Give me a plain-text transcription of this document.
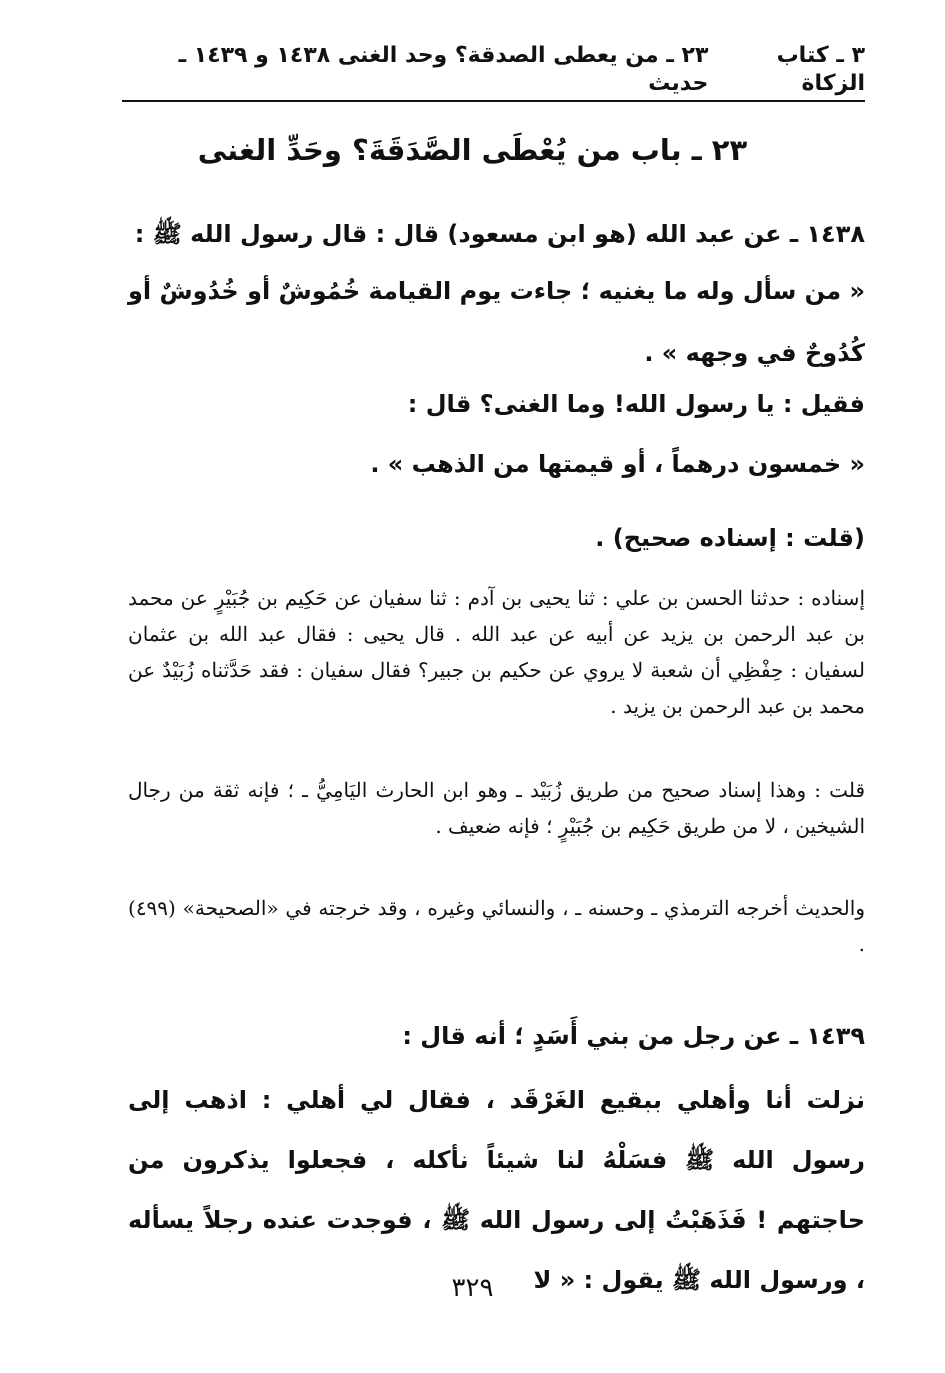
٣ ـ كتاب الزكاة
٢٣ ـ من يعطى الصدقة؟ وحد الغنى ١٤٣٨ و ١٤٣٩ ـ حديث
٢٣ ـ باب من يُعْطَى الصَّدَقَةَ؟ وحَدِّ الغنى
١٤٣٨ ـ عن عبد الله (هو ابن مسعود) قال : قال رسول الله ﷺ :
« من سأل وله ما يغنيه ؛ جاءت يوم القيامة خُمُوشٌ أو خُدُوشٌ أو كُدُوحٌ في وجهه » .
فقيل : يا رسول الله! وما الغنى؟ قال :
« خمسون درهماً ، أو قيمتها من الذهب » .
(قلت : إسناده صحيح) .
إسناده : حدثنا الحسن بن علي : ثنا يحيى بن آدم : ثنا سفيان عن حَكِيم بن جُبَيْرٍ عن محمد بن عبد الرحمن بن يزيد عن أبيه عن عبد الله . قال يحيى : فقال عبد الله بن عثمان لسفيان : حِفْظِي أن شعبة لا يروي عن حكيم بن جبير؟ فقال سفيان : فقد حَدَّثناه زُبَيْدٌ عن محمد بن عبد الرحمن بن يزيد .
قلت : وهذا إسناد صحيح من طريق زُبَيْد ـ وهو ابن الحارث اليَامِيُّ ـ ؛ فإنه ثقة من رجال الشيخين ، لا من طريق حَكِيم بن جُبَيْرٍ ؛ فإنه ضعيف .
والحديث أخرجه الترمذي ـ وحسنه ـ ، والنسائي وغيره ، وقد خرجته في «الصحيحة» (٤٩٩) .
١٤٣٩ ـ عن رجل من بني أَسَدٍ ؛ أنه قال :
نزلت أنا وأهلي ببقيع الغَرْقَد ، فقال لي أهلي : اذهب إلى رسول الله ﷺ فسَلْهُ لنا شيئاً نأكله ، فجعلوا يذكرون من حاجتهم ! فَذَهَبْتُ إلى رسول الله ﷺ ، فوجدت عنده رجلاً يسأله ، ورسول الله ﷺ يقول : « لا
٣٢٩
